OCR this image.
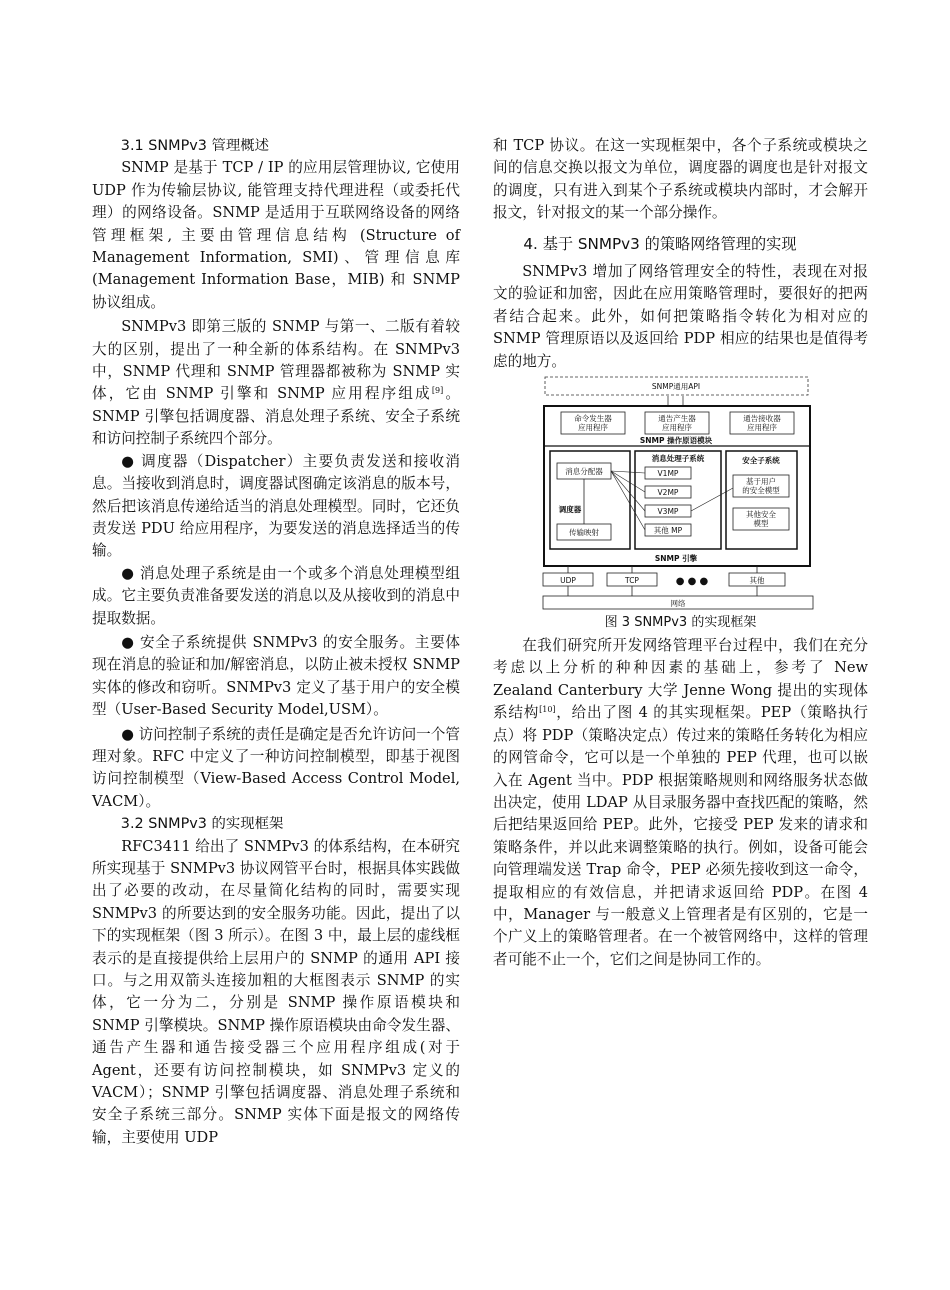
3.1 SNMPv3 管理概述

SNMP 是基于 TCP / IP 的应用层管理协议, 它使用 UDP 作为传输层协议, 能管理支持代理进程（或委托代理）的网络设备。SNMP 是适用于互联网络设备的网络管理框架, 主要由管理信息结构 (Structure of Management Information, SMI)、管理信息库 (Management Information Base，MIB) 和 SNMP 协议组成。

SNMPv3 即第三版的 SNMP 与第一、二版有着较大的区别，提出了一种全新的体系结构。在 SNMPv3 中，SNMP 代理和 SNMP 管理器都被称为 SNMP 实体，它由 SNMP 引擎和 SNMP 应用程序组成[9]。SNMP 引擎包括调度器、消息处理子系统、安全子系统和访问控制子系统四个部分。

● 调度器（Dispatcher）主要负责发送和接收消息。当接收到消息时，调度器试图确定该消息的版本号，然后把该消息传递给适当的消息处理模型。同时，它还负责发送 PDU 给应用程序，为要发送的消息选择适当的传输。

● 消息处理子系统是由一个或多个消息处理模型组成。它主要负责准备要发送的消息以及从接收到的消息中提取数据。

● 安全子系统提供 SNMPv3 的安全服务。主要体现在消息的验证和加/解密消息，以防止被未授权 SNMP 实体的修改和窃听。SNMPv3 定义了基于用户的安全模型（User-Based Security Model,USM）。

● 访问控制子系统的责任是确定是否允许访问一个管理对象。RFC 中定义了一种访问控制模型，即基于视图访问控制模型（View-Based Access Control Model, VACM）。

3.2 SNMPv3 的实现框架

RFC3411 给出了 SNMPv3 的体系结构，在本研究所实现基于 SNMPv3 协议网管平台时，根据具体实践做出了必要的改动，在尽量简化结构的同时，需要实现 SNMPv3 的所要达到的安全服务功能。因此，提出了以下的实现框架（图 3 所示）。在图 3 中，最上层的虚线框表示的是直接提供给上层用户的 SNMP 的通用 API 接口。与之用双箭头连接加粗的大框图表示 SNMP 的实体，它一分为二，分别是 SNMP 操作原语模块和 SNMP 引擎模块。SNMP 操作原语模块由命令发生器、通告产生器和通告接受器三个应用程序组成(对于 Agent，还要有访问控制模块，如 SNMPv3 定义的 VACM）；SNMP 引擎包括调度器、消息处理子系统和安全子系统三部分。SNMP 实体下面是报文的网络传输，主要使用 UDP

和 TCP 协议。在这一实现框架中，各个子系统或模块之间的信息交换以报文为单位，调度器的调度也是针对报文的调度，只有进入到某个子系统或模块内部时，才会解开报文，针对报文的某一个部分操作。

4. 基于 SNMPv3 的策略网络管理的实现

SNMPv3 增加了网络管理安全的特性，表现在对报文的验证和加密，因此在应用策略管理时，要很好的把两者结合起来。此外，如何把策略指令转化为相对应的 SNMP 管理原语以及返回给 PDP 相应的结果也是值得考虑的地方。

SNMP通用API
命令发生器
应用程序
通告产生器
应用程序
通告接收器
应用程序
SNMP 操作原语模块
消息分配器
调度器
传输映射
消息处理子系统
V1MP
V2MP
V3MP
其他 MP
安全子系统
基于用户
的安全模型
其他安全
模型
SNMP 引擎
UDP	TCP	● ● ●	其他
网络
图 3 SNMPv3 的实现框架

在我们研究所开发网络管理平台过程中，我们在充分考虑以上分析的种种因素的基础上，参考了 New Zealand Canterbury 大学 Jenne Wong 提出的实现体系结构[10]，给出了图 4 的其实现框架。PEP（策略执行点）将 PDP（策略决定点）传过来的策略任务转化为相应的网管命令，它可以是一个单独的 PEP 代理，也可以嵌入在 Agent 当中。PDP 根据策略规则和网络服务状态做出决定，使用 LDAP 从目录服务器中查找匹配的策略，然后把结果返回给 PEP。此外，它接受 PEP 发来的请求和策略条件，并以此来调整策略的执行。例如，设备可能会向管理端发送 Trap 命令，PEP 必须先接收到这一命令，提取相应的有效信息，并把请求返回给 PDP。在图 4 中，Manager 与一般意义上管理者是有区别的，它是一个广义上的策略管理者。在一个被管网络中，这样的管理者可能不止一个，它们之间是协同工作的。
